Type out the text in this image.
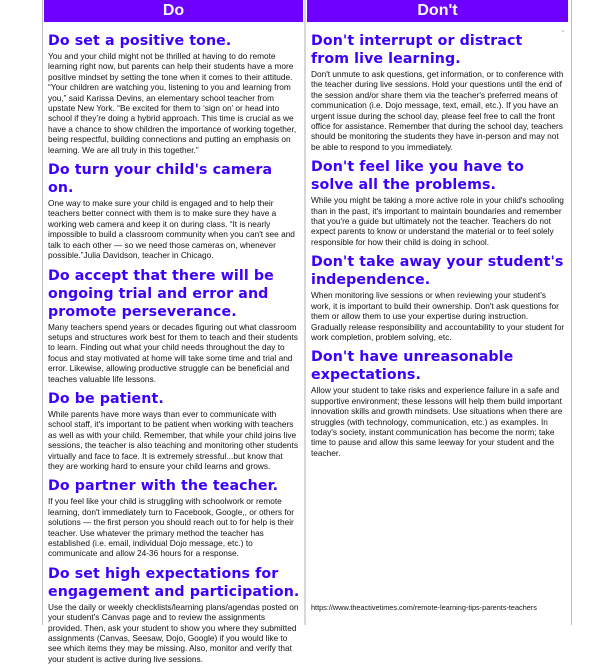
Do
Do set a positive tone.

You and your child might not be thrilled at having to do remote learning right now, but parents can help their students have a more positive mindset by setting the tone when it comes to their attitude. “Your children are watching you, listening to you and learning from you,” said Karissa Devins, an elementary school teacher from upstate New York. “Be excited for them to ‘sign on’ or head into school if they’re doing a hybrid approach. This time is crucial as we have a chance to show children the importance of working together, being respectful, building connections and putting an emphasis on learning. We are all truly in this together.”

Do turn your child's camera on.

One way to make sure your child is engaged and to help their teachers better connect with them is to make sure they have a working web camera and keep it on during class. “It is nearly impossible to build a classroom community when you can't see and talk to each other — so we need those cameras on, whenever possible.”Julia Davidson, teacher in Chicago.

Do accept that there will be ongoing trial and error and promote perseverance.

Many teachers spend years or decades figuring out what classroom setups and structures work best for them to teach and their students to learn. Finding out what your child needs throughout the day to focus and stay motivated at home will take some time and trial and error. Likewise, allowing productive struggle can be beneficial and teaches valuable life lessons.

Do be patient.

While parents have more ways than ever to communicate with school staff, it's important to be patient when working with teachers as well as with your child. Remember, that while your child joins live sessions, the teacher is also teaching and monitoring other students virtually and face to face. It is extremely stressful...but know that they are working hard to ensure your child learns and grows.

Do partner with the teacher.

If you feel like your child is struggling with schoolwork or remote learning, don't immediately turn to Facebook, Google,, or others for solutions — the first person you should reach out to for help is their teacher. Use whatever the primary method the teacher has established (i.e. email, individual Dojo message, etc.) to communicate and allow 24-36 hours for a response.

Do set high expectations for engagement and participation.

Use the daily or weekly checklists/learning plans/agendas posted on your student's Canvas page and to review the assignments provided. Then, ask your student to show you where they submitted assignments (Canvas, Seesaw, Dojo, Google) if you would like to see which items they may be missing. Also, monitor and verify that your student is active during live sessions.

Don't
⌄
Don't interrupt or distract from live learning.

Don't unmute to ask questions, get information, or to conference with the teacher during live sessions. Hold your questions until the end of the session and/or share them via the teacher's preferred means of communication (i.e. Dojo message, text, email, etc.). If you have an urgent issue during the school day, please feel free to call the front office for assistance. Remember that during the school day, teachers should be monitoring the students they have in-person and may not be able to respond to you immediately.

Don't feel like you have to solve all the problems.

While you might be taking a more active role in your child's schooling than in the past, it's important to maintain boundaries and remember that you're a guide but ultimately not the teacher. Teachers do not expect parents to know or understand the material or to feel solely responsible for how their child is doing in school.

Don't take away your student's independence.

When monitoring live sessions or when reviewing your student's work, it is important to build their ownership. Don't ask questions for them or allow them to use your expertise during instruction. Gradually release responsibility and accountability to your student for work completion, problem solving, etc.

Don't have unreasonable expectations.

Allow your student to take risks and experience failure in a safe and supportive environment; these lessons will help them build important innovation skills and growth mindsets. Use situations when there are struggles (with technology, communication, etc.) as examples. In today's society, instant communication has become the norm; take time to pause and allow this same leeway for your student and the teacher.

https://www.theactivetimes.com/remote-learning-tips-parents-teachers
